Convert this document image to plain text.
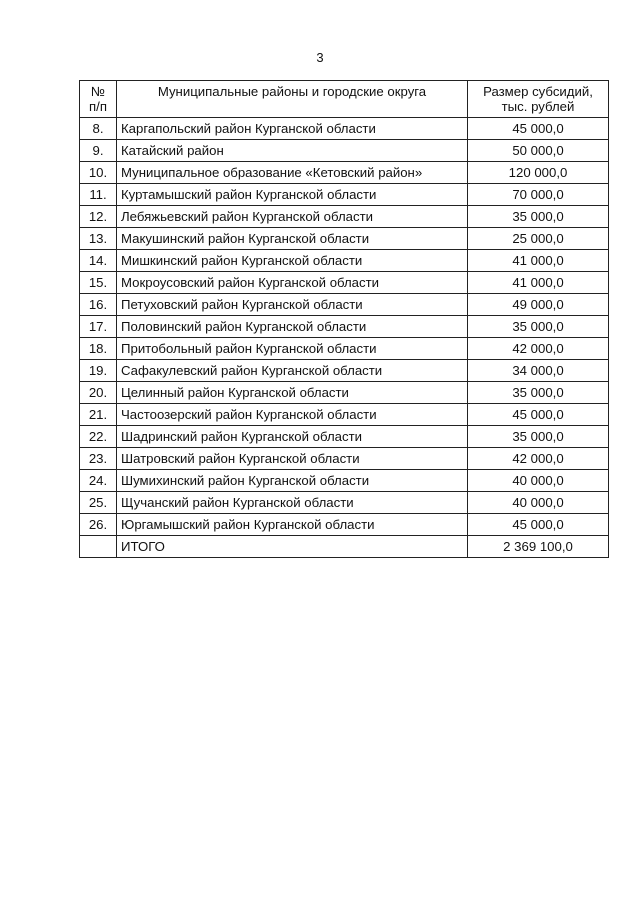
3
№ п/п	Муниципальные районы и городские округа	Размер субсидий, тыс. рублей
8.	Каргапольский район Курганской области	45 000,0
9.	Катайский район	50 000,0
10.	Муниципальное образование «Кетовский район»	120 000,0
11.	Куртамышский район Курганской области	70 000,0
12.	Лебяжьевский район Курганской области	35 000,0
13.	Макушинский район Курганской области	25 000,0
14.	Мишкинский район Курганской области	41 000,0
15.	Мокроусовский район Курганской области	41 000,0
16.	Петуховский район Курганской области	49 000,0
17.	Половинский район Курганской области	35 000,0
18.	Притобольный район Курганской области	42 000,0
19.	Сафакулевский район Курганской области	34 000,0
20.	Целинный район Курганской области	35 000,0
21.	Частоозерский район Курганской области	45 000,0
22.	Шадринский район Курганской области	35 000,0
23.	Шатровский район Курганской области	42 000,0
24.	Шумихинский район Курганской области	40 000,0
25.	Щучанский район Курганской области	40 000,0
26.	Юргамышский район Курганской области	45 000,0
	ИТОГО	2 369 100,0
